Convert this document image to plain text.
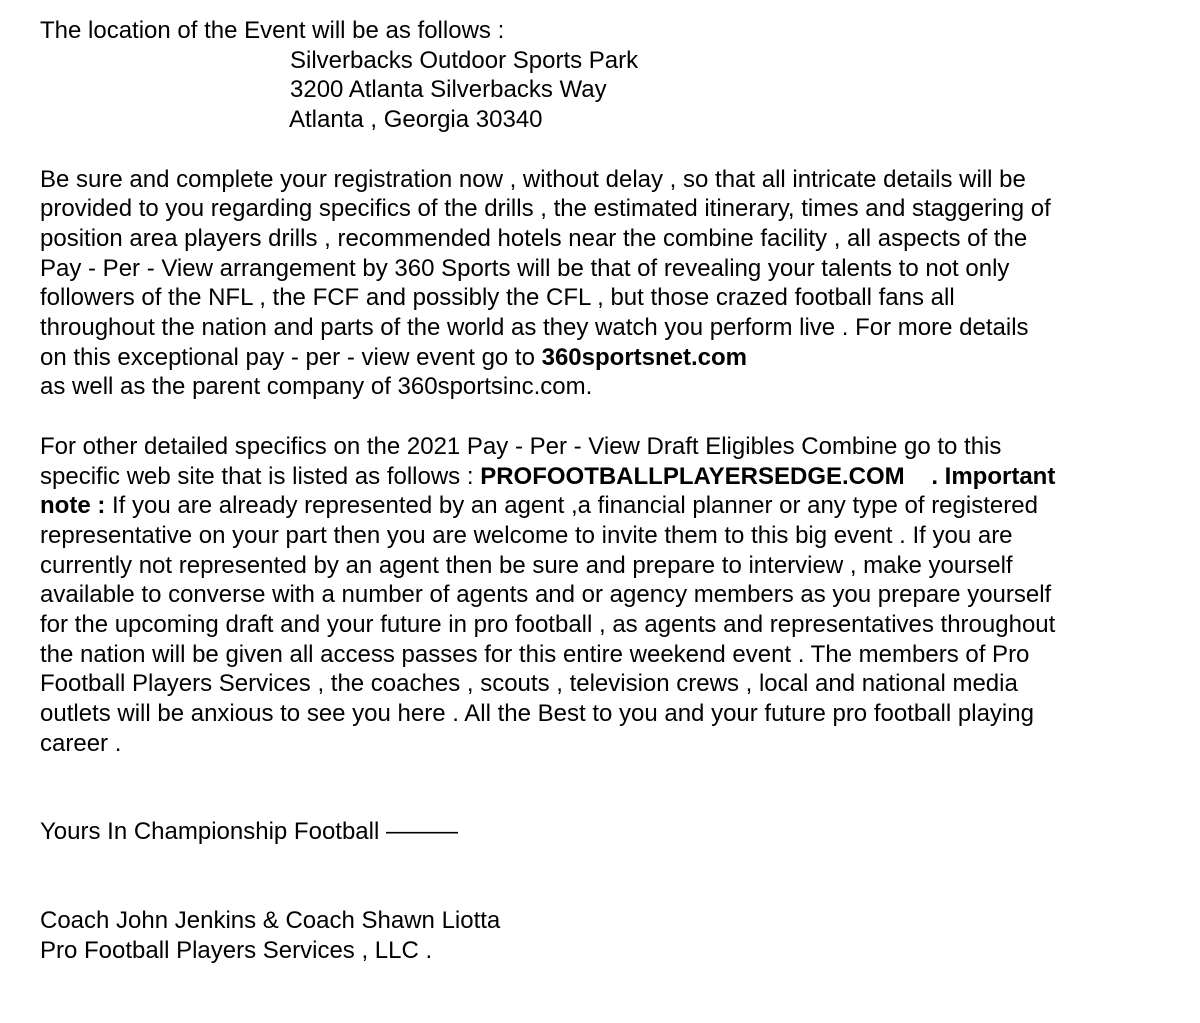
The location of the Event will be as follows :
Silverbacks Outdoor Sports Park
3200 Atlanta Silverbacks Way
Atlanta , Georgia 30340

Be sure and complete your registration now , without delay , so that all intricate details will be
provided to you regarding specifics of the drills , the estimated itinerary, times and staggering of
position area players drills , recommended hotels near the combine facility , all aspects of the
Pay - Per - View arrangement by 360 Sports will be that of revealing your talents to not only
followers of the NFL , the FCF and possibly the CFL , but those crazed football fans all
throughout the nation and parts of the world as they watch you perform live . For more details
on this exceptional pay - per - view event go to 360sportsnet.com
as well as the parent company of 360sportsinc.com.

For other detailed specifics on the 2021 Pay - Per - View Draft Eligibles Combine go to this
specific web site that is listed as follows : PROFOOTBALLPLAYERSEDGE.COM    . Important
note : If you are already represented by an agent ,a financial planner or any type of registered
representative on your part then you are welcome to invite them to this big event . If you are
currently not represented by an agent then be sure and prepare to interview , make yourself
available to converse with a number of agents and or agency members as you prepare yourself
for the upcoming draft and your future in pro football , as agents and representatives throughout
the nation will be given all access passes for this entire weekend event . The members of Pro
Football Players Services , the coaches , scouts , television crews , local and national media
outlets will be anxious to see you here . All the Best to you and your future pro football playing
career .

Yours In Championship Football ———

Coach John Jenkins & Coach Shawn Liotta
Pro Football Players Services , LLC .
